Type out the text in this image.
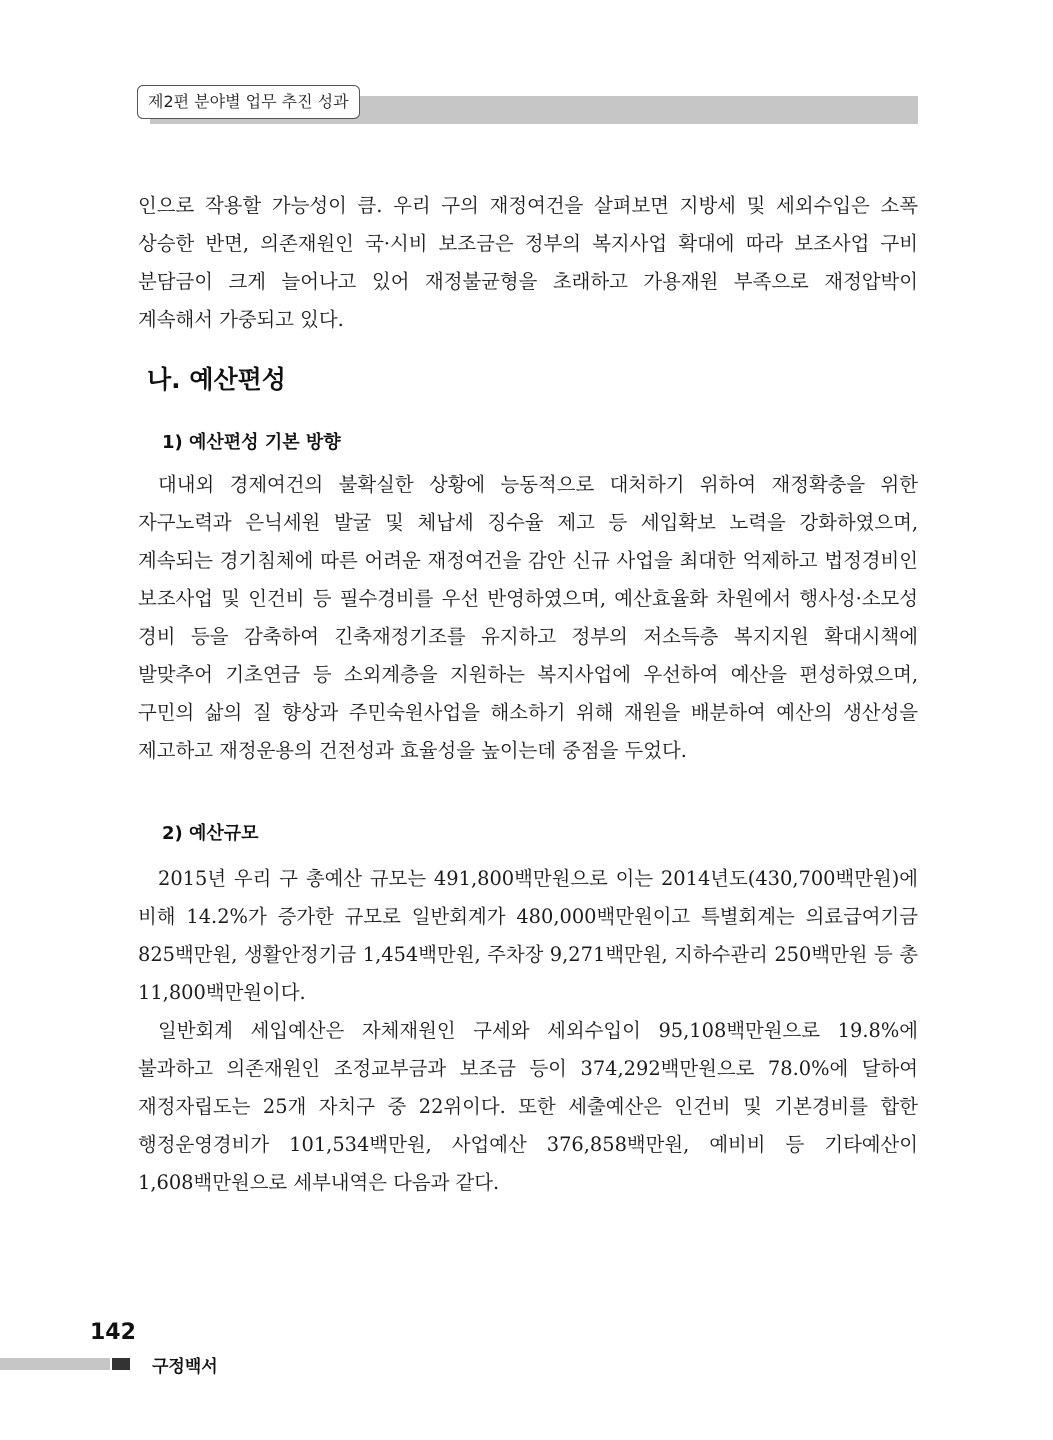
제2편 분야별 업무 추진 성과

인으로 작용할 가능성이 큼. 우리 구의 재정여건을 살펴보면 지방세 및 세외수입은 소폭 상승한 반면, 의존재원인 국·시비 보조금은 정부의 복지사업 확대에 따라 보조사업 구비 분담금이 크게 늘어나고 있어 재정불균형을 초래하고 가용재원 부족으로 재정압박이 계속해서 가중되고 있다.

나. 예산편성
1) 예산편성 기본 방향

대내외 경제여건의 불확실한 상황에 능동적으로 대처하기 위하여 재정확충을 위한 자구노력과 은닉세원 발굴 및 체납세 징수율 제고 등 세입확보 노력을 강화하였으며, 계속되는 경기침체에 따른 어려운 재정여건을 감안 신규 사업을 최대한 억제하고 법정경비인 보조사업 및 인건비 등 필수경비를 우선 반영하였으며, 예산효율화 차원에서 행사성·소모성 경비 등을 감축하여 긴축재정기조를 유지하고 정부의 저소득층 복지지원 확대시책에 발맞추어 기초연금 등 소외계층을 지원하는 복지사업에 우선하여 예산을 편성하였으며, 구민의 삶의 질 향상과 주민숙원사업을 해소하기 위해 재원을 배분하여 예산의 생산성을 제고하고 재정운용의 건전성과 효율성을 높이는데 중점을 두었다.

2) 예산규모

2015년 우리 구 총예산 규모는 491,800백만원으로 이는 2014년도(430,700백만원)에 비해 14.2%가 증가한 규모로 일반회계가 480,000백만원이고 특별회계는 의료급여기금 825백만원, 생활안정기금 1,454백만원, 주차장 9,271백만원, 지하수관리 250백만원 등 총 11,800백만원이다.

일반회계 세입예산은 자체재원인 구세와 세외수입이 95,108백만원으로 19.8%에 불과하고 의존재원인 조정교부금과 보조금 등이 374,292백만원으로 78.0%에 달하여 재정자립도는 25개 자치구 중 22위이다. 또한 세출예산은 인건비 및 기본경비를 합한 행정운영경비가 101,534백만원, 사업예산 376,858백만원, 예비비 등 기타예산이 1,608백만원으로 세부내역은 다음과 같다.

142
구정백서
